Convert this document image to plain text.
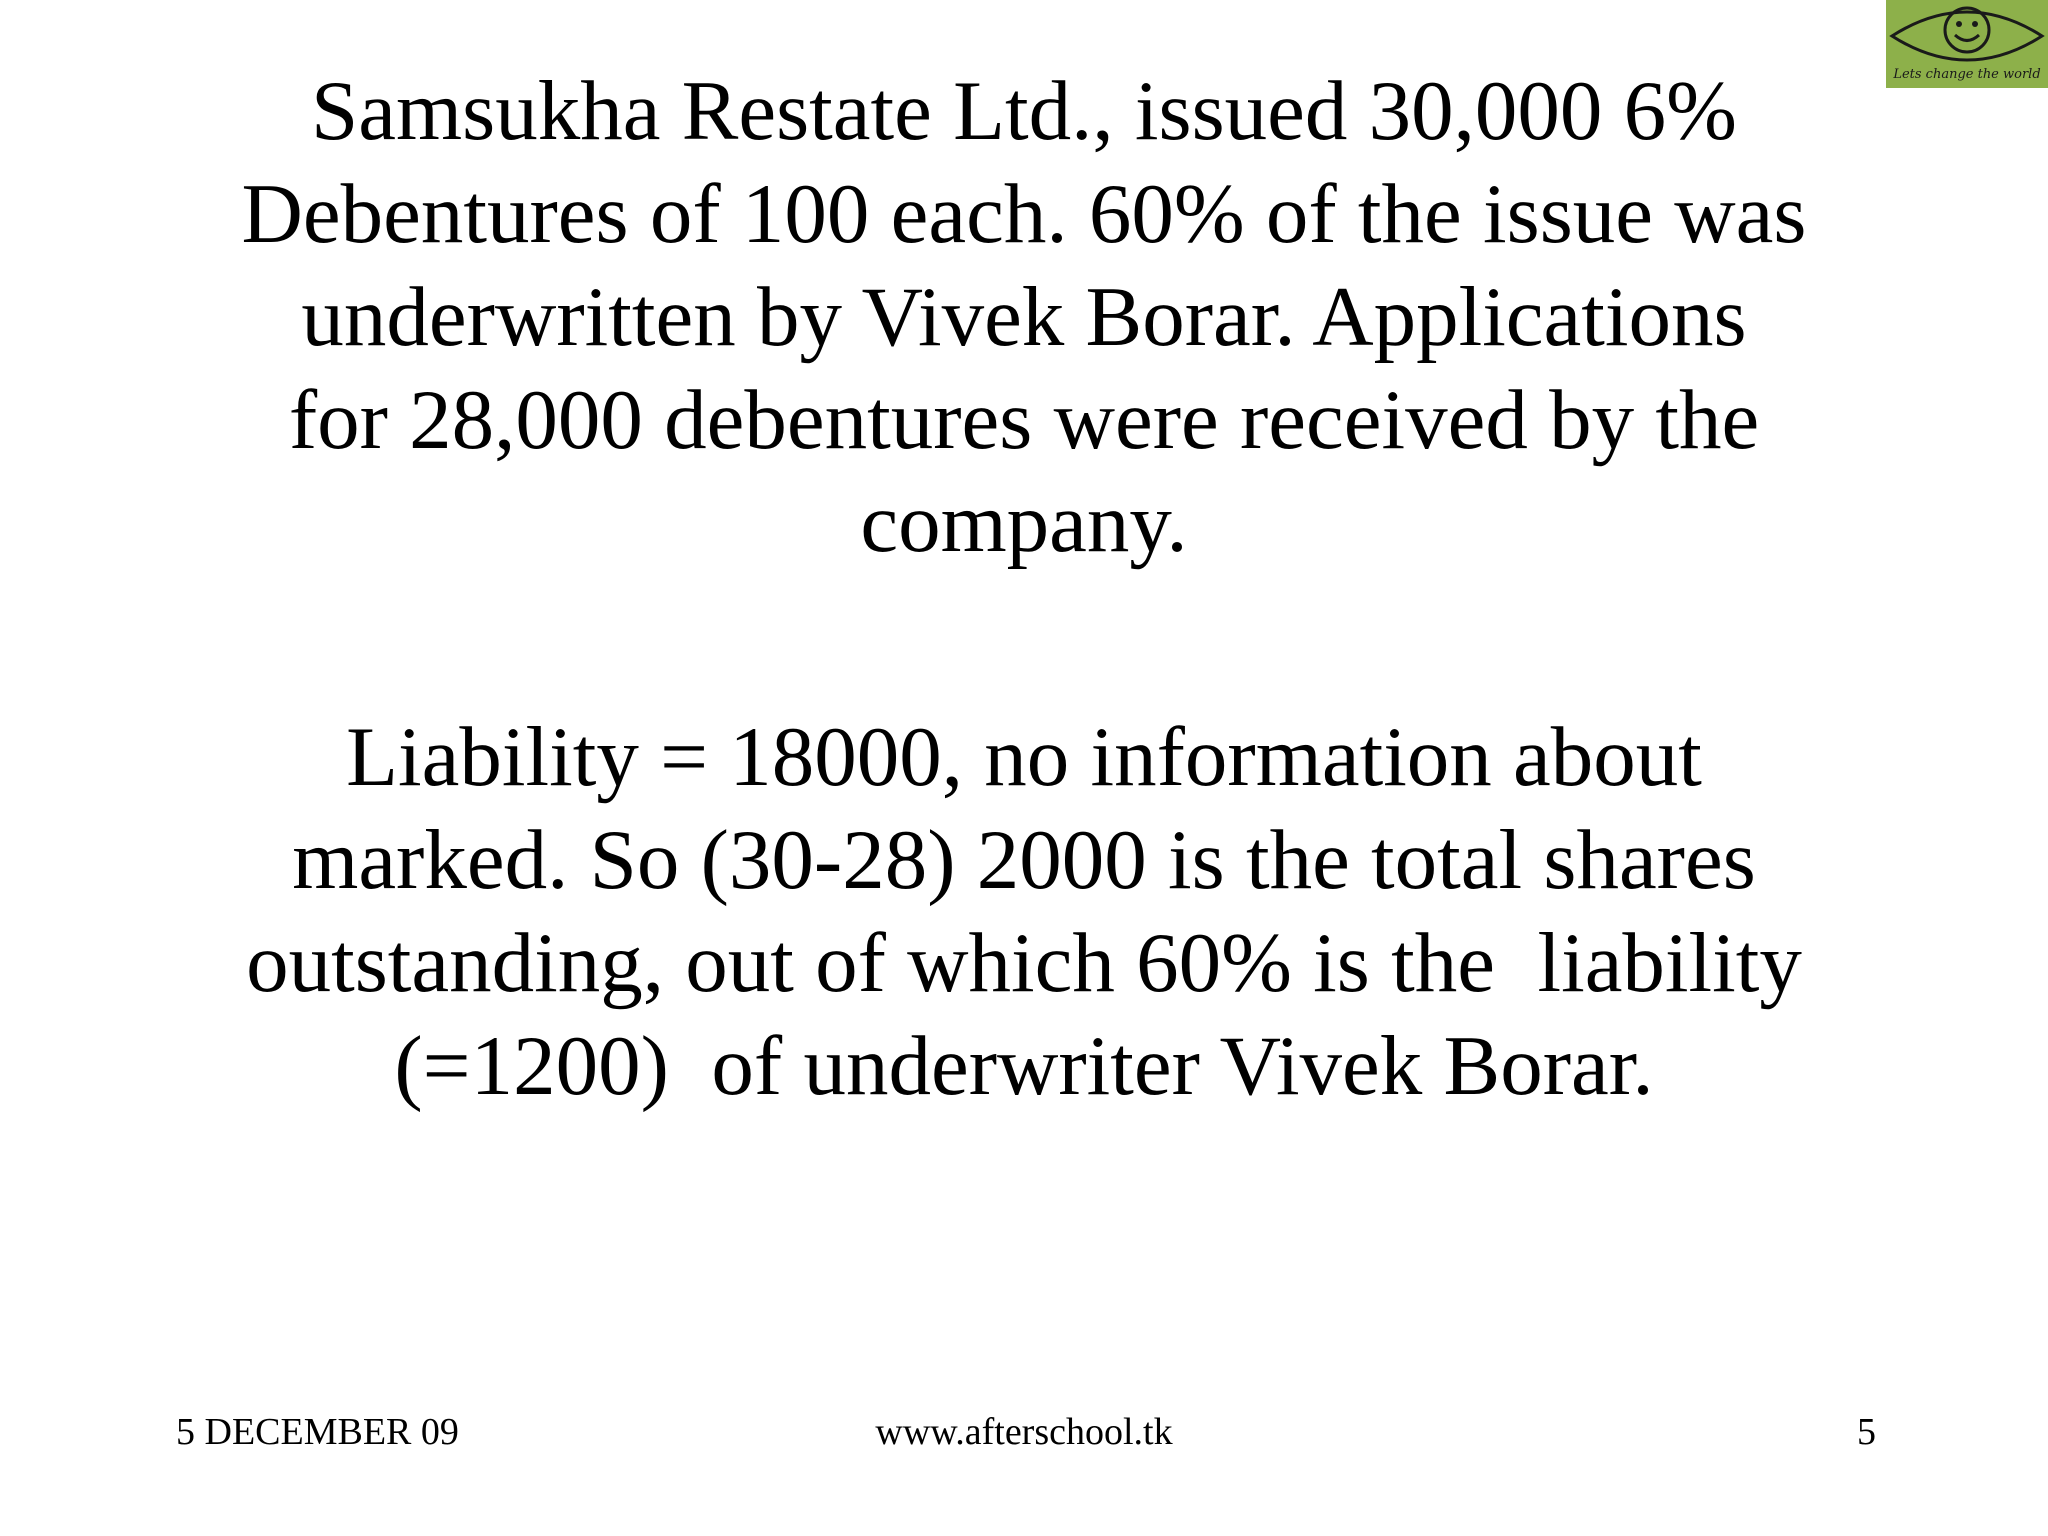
Lets change the world

Samsukha Restate Ltd., issued 30,000 6%
Debentures of 100 each. 60% of the issue was
underwritten by Vivek Borar. Applications
for 28,000 debentures were received by the
company.

Liability = 18000, no information about
marked. So (30-28) 2000 is the total shares
outstanding, out of which 60% is the  liability
(=1200)  of underwriter Vivek Borar.

5 DECEMBER 09	www.afterschool.tk	5
